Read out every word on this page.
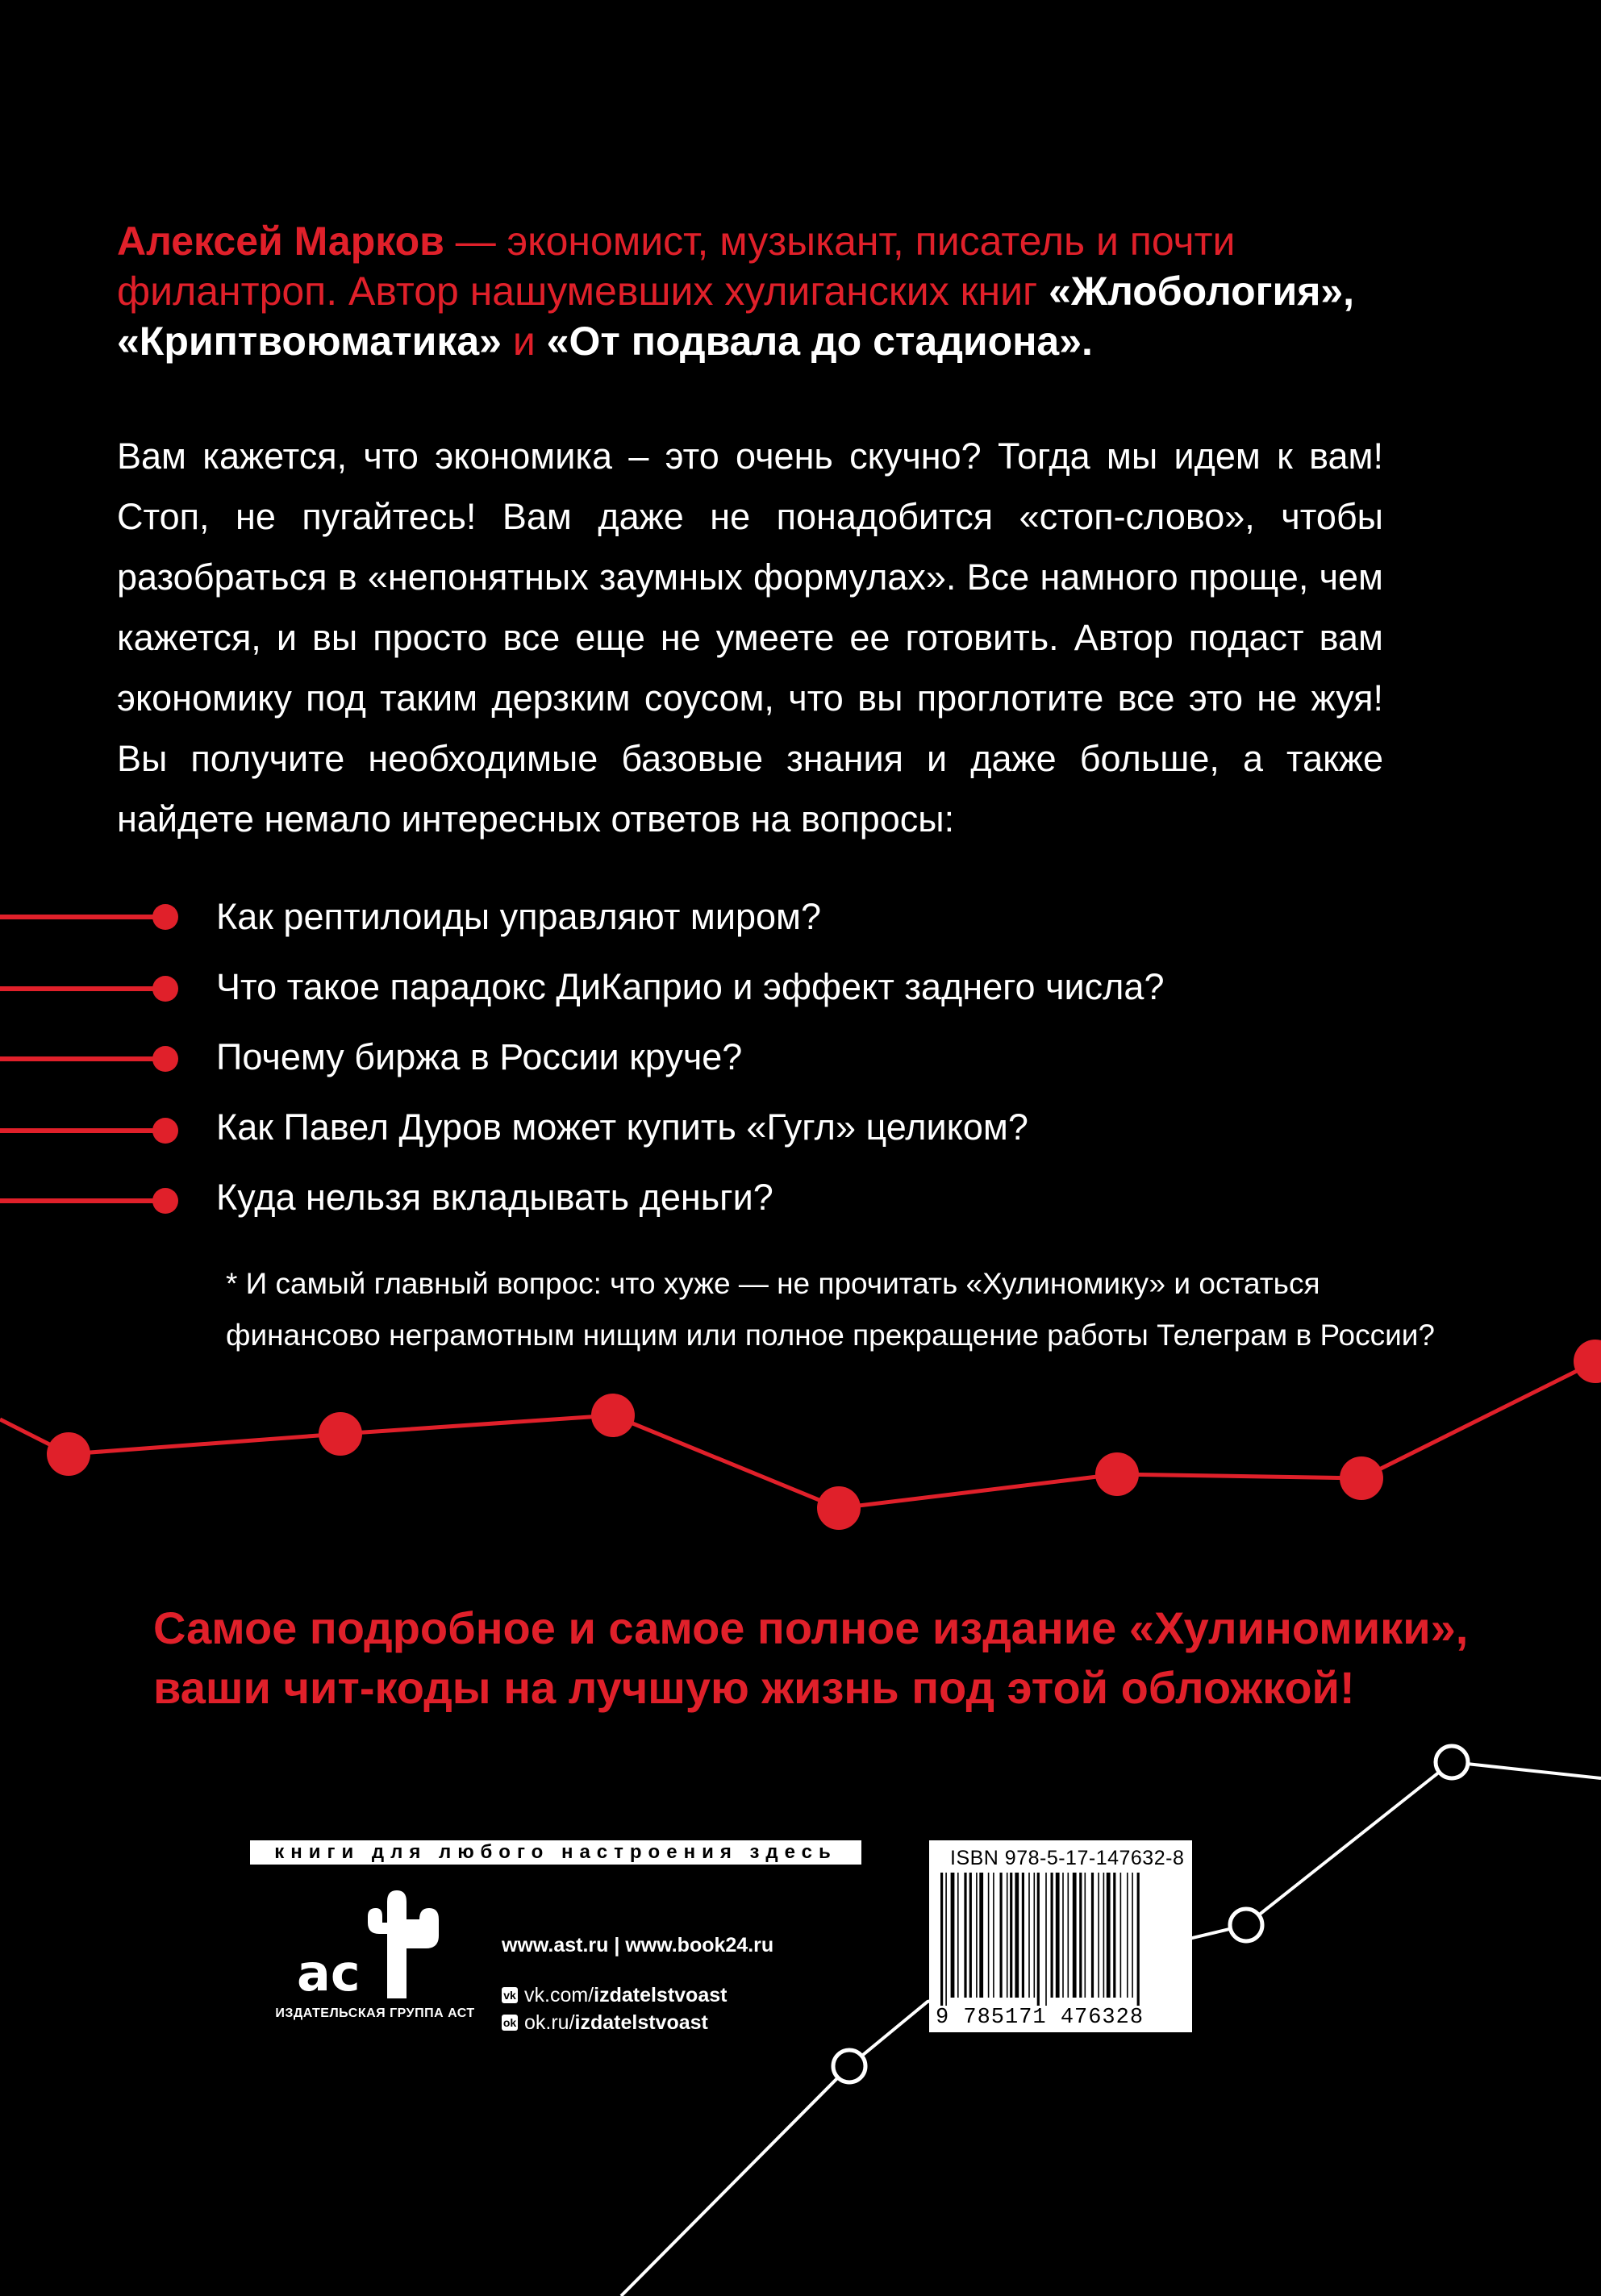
Алексей Марков — экономист, музыкант, писатель и почти
филантроп. Автор нашумевших хулиганских книг «Жлобология»,
«Криптвоюматика» и «От подвала до стадиона».

Вам кажется, что экономика – это очень скучно? Тогда мы идем к вам! Стоп, не пугайтесь! Вам даже не понадобится «стоп-слово», чтобы разобраться в «непонятных заумных формулах». Все намного проще, чем кажется, и вы просто все еще не умеете ее готовить. Автор подаст вам экономику под таким дерзким соусом, что вы проглотите все это не жуя! Вы получите необходимые базовые знания и даже больше, а также найдете немало интересных ответов на вопросы:

Как рептилоиды управляют миром?
Что такое парадокс ДиКаприо и эффект заднего числа?
Почему биржа в России круче?
Как Павел Дуров может купить «Гугл» целиком?
Куда нельзя вкладывать деньги?

* И самый главный вопрос: что хуже — не прочитать «Хулиномику» и остаться финансово неграмотным нищим или полное прекращение работы Телеграм в России?

Самое подробное и самое полное издание «Хулиномики»,
ваши чит-коды на лучшую жизнь под этой обложкой!
книги для любого настроения здесь
ac
ИЗДАТЕЛЬСКАЯ ГРУППА АСТ
www.ast.ru | www.book24.ru
vk vk.com/ izdatelstvoast
ok ok.ru/ izdatelstvoast
ISBN 978-5-17-147632-8
9 785171 476328
